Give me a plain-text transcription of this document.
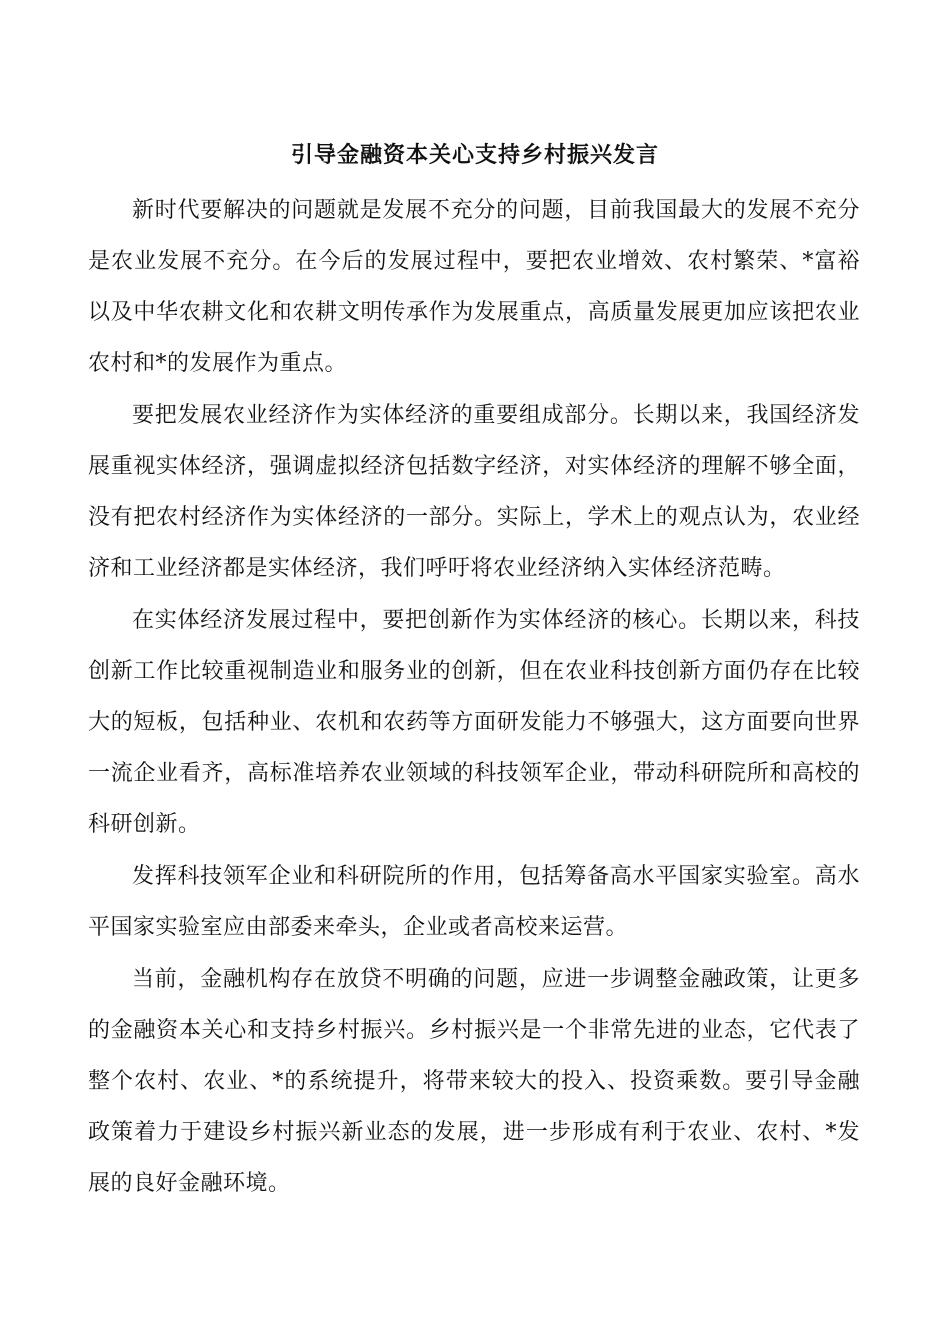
引导金融资本关心支持乡村振兴发言

新时代要解决的问题就是发展不充分的问题，目前我国最大的发展不充分是农业发展不充分。在今后的发展过程中，要把农业增效、农村繁荣、*富裕以及中华农耕文化和农耕文明传承作为发展重点，高质量发展更加应该把农业农村和*的发展作为重点。

要把发展农业经济作为实体经济的重要组成部分。长期以来，我国经济发展重视实体经济，强调虚拟经济包括数字经济，对实体经济的理解不够全面，没有把农村经济作为实体经济的一部分。实际上，学术上的观点认为，农业经济和工业经济都是实体经济，我们呼吁将农业经济纳入实体经济范畴。

在实体经济发展过程中，要把创新作为实体经济的核心。长期以来，科技创新工作比较重视制造业和服务业的创新，但在农业科技创新方面仍存在比较大的短板，包括种业、农机和农药等方面研发能力不够强大，这方面要向世界一流企业看齐，高标准培养农业领域的科技领军企业，带动科研院所和高校的科研创新。

发挥科技领军企业和科研院所的作用，包括筹备高水平国家实验室。高水平国家实验室应由部委来牵头，企业或者高校来运营。

当前，金融机构存在放贷不明确的问题，应进一步调整金融政策，让更多的金融资本关心和支持乡村振兴。乡村振兴是一个非常先进的业态，它代表了整个农村、农业、*的系统提升，将带来较大的投入、投资乘数。要引导金融政策着力于建设乡村振兴新业态的发展，进一步形成有利于农业、农村、*发展的良好金融环境。
